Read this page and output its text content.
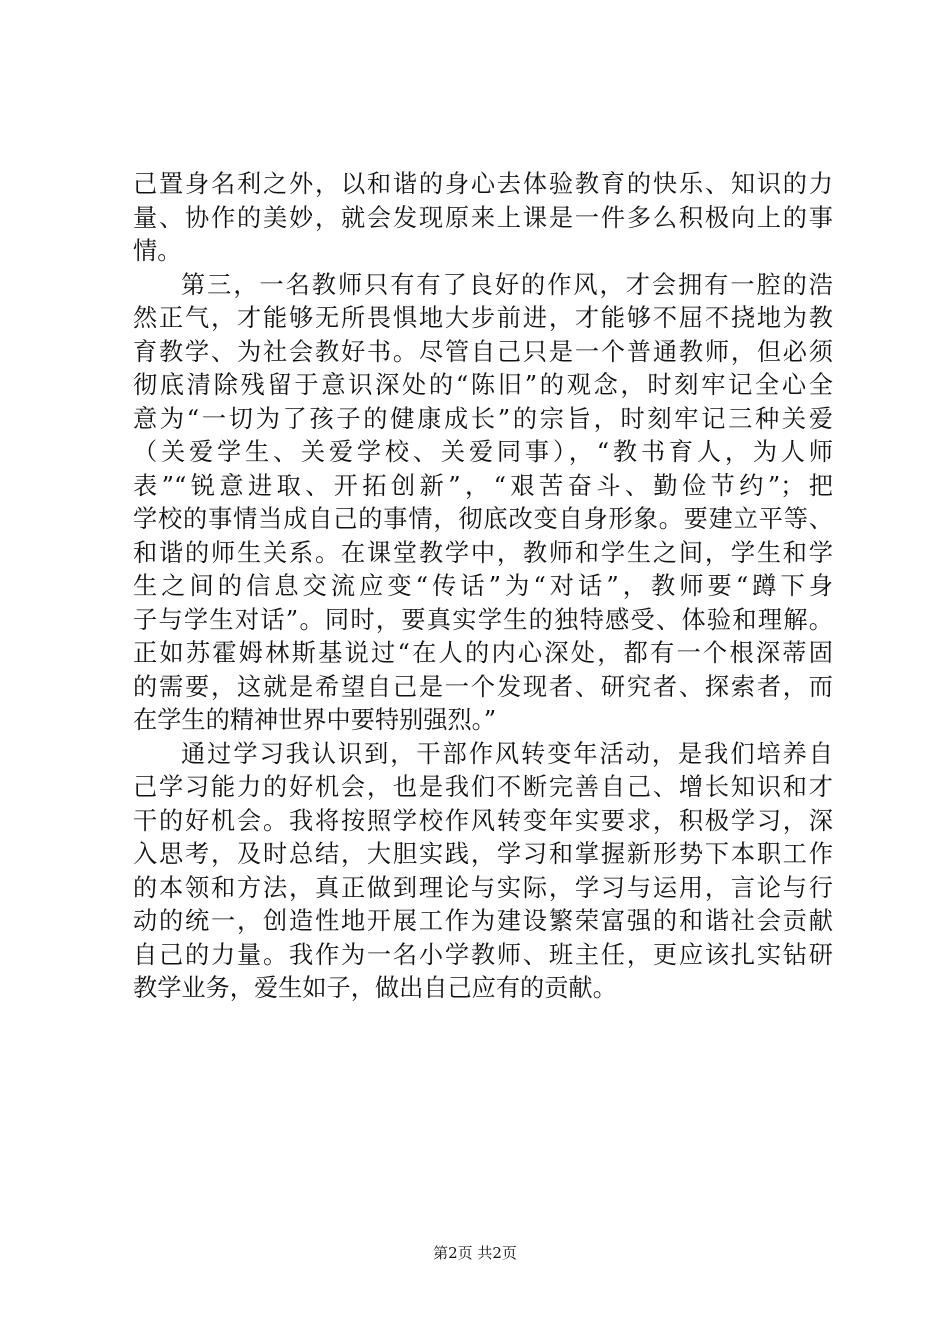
己置身名利之外，以和谐的身心去体验教育的快乐、知识的力
量、协作的美妙，就会发现原来上课是一件多么积极向上的事
情。
第三，一名教师只有有了良好的作风，才会拥有一腔的浩
然正气，才能够无所畏惧地大步前进，才能够不屈不挠地为教
育教学、为社会教好书。尽管自己只是一个普通教师，但必须
彻底清除残留于意识深处的“陈旧”的观念，时刻牢记全心全
意为“一切为了孩子的健康成长”的宗旨，时刻牢记三种关爱
（关爱学生、关爱学校、关爱同事），“教书育人，为人师
表”“锐意进取、开拓创新”，“艰苦奋斗、勤俭节约”；把
学校的事情当成自己的事情，彻底改变自身形象。要建立平等、
和谐的师生关系。在课堂教学中，教师和学生之间，学生和学
生之间的信息交流应变“传话”为“对话”，教师要“蹲下身
子与学生对话”。同时，要真实学生的独特感受、体验和理解。
正如苏霍姆林斯基说过“在人的内心深处，都有一个根深蒂固
的需要，这就是希望自己是一个发现者、研究者、探索者，而
在学生的精神世界中要特别强烈。”
通过学习我认识到，干部作风转变年活动，是我们培养自
己学习能力的好机会，也是我们不断完善自己、增长知识和才
干的好机会。我将按照学校作风转变年实要求，积极学习，深
入思考，及时总结，大胆实践，学习和掌握新形势下本职工作
的本领和方法，真正做到理论与实际，学习与运用，言论与行
动的统一，创造性地开展工作为建设繁荣富强的和谐社会贡献
自己的力量。我作为一名小学教师、班主任，更应该扎实钻研
教学业务，爱生如子，做出自己应有的贡献。
第2页 共2页
